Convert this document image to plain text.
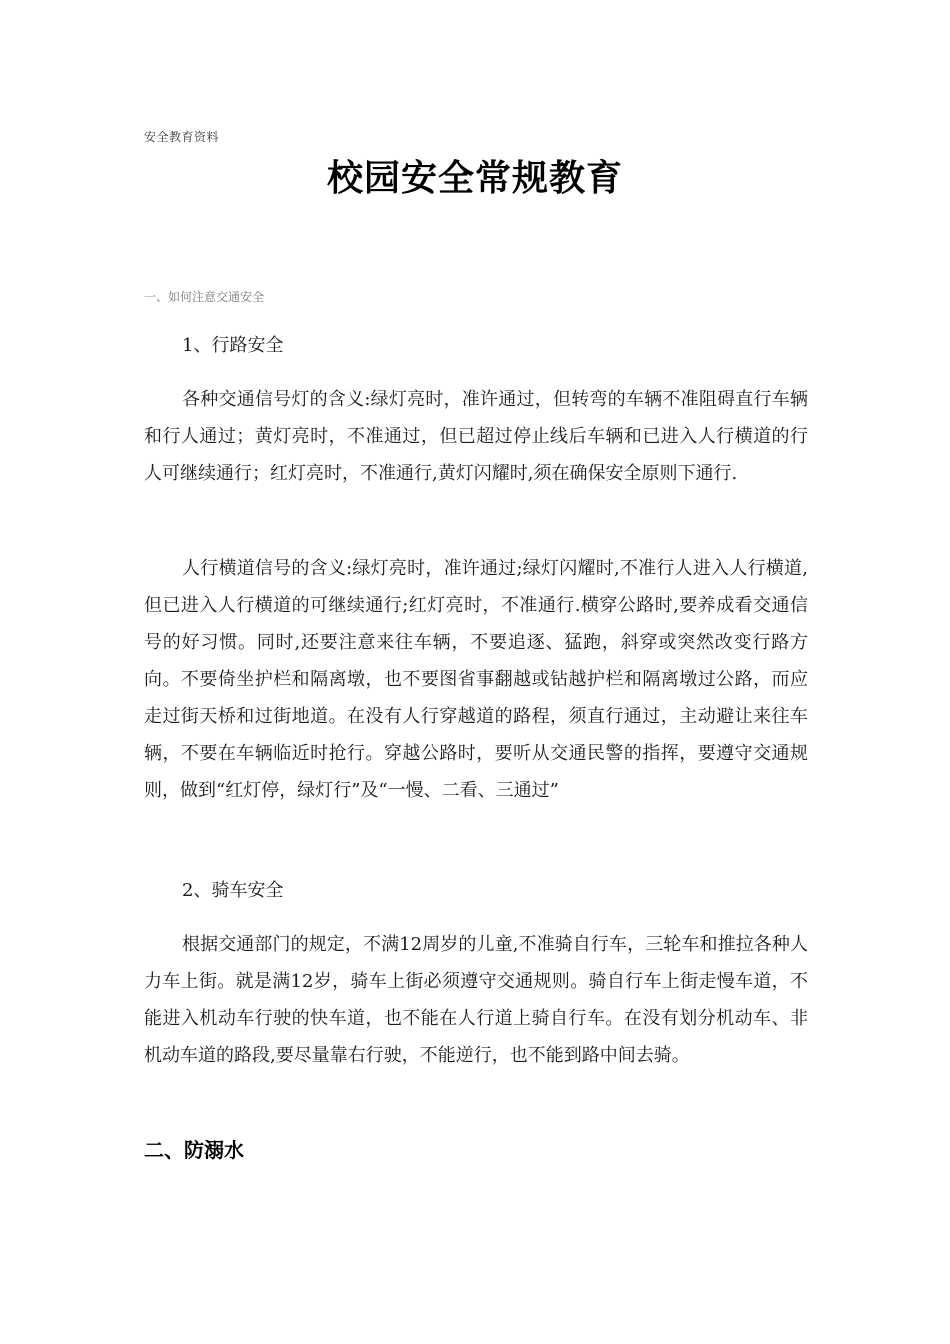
安全教育资料
校园安全常规教育
一、如何注意交通安全
1、行路安全
各种交通信号灯的含义:绿灯亮时，准许通过，但转弯的车辆不准阻碍直行车辆和行人通过；黄灯亮时，不准通过，但已超过停止线后车辆和已进入人行横道的行人可继续通行；红灯亮时，不准通行,黄灯闪耀时,须在确保安全原则下通行.
人行横道信号的含义:绿灯亮时，准许通过;绿灯闪耀时,不准行人进入人行横道,但已进入人行横道的可继续通行;红灯亮时，不准通行.横穿公路时,要养成看交通信号的好习惯。同时,还要注意来往车辆，不要追逐、猛跑，斜穿或突然改变行路方向。不要倚坐护栏和隔离墩，也不要图省事翻越或钻越护栏和隔离墩过公路，而应走过街天桥和过街地道。在没有人行穿越道的路程，须直行通过，主动避让来往车辆，不要在车辆临近时抢行。穿越公路时，要听从交通民警的指挥，要遵守交通规则，做到“红灯停，绿灯行”及“一慢、二看、三通过”
2、骑车安全
根据交通部门的规定，不满12周岁的儿童,不准骑自行车，三轮车和推拉各种人力车上街。就是满12岁，骑车上街必须遵守交通规则。骑自行车上街走慢车道，不能进入机动车行驶的快车道，也不能在人行道上骑自行车。在没有划分机动车、非机动车道的路段,要尽量靠右行驶，不能逆行，也不能到路中间去骑。
二、防溺水
